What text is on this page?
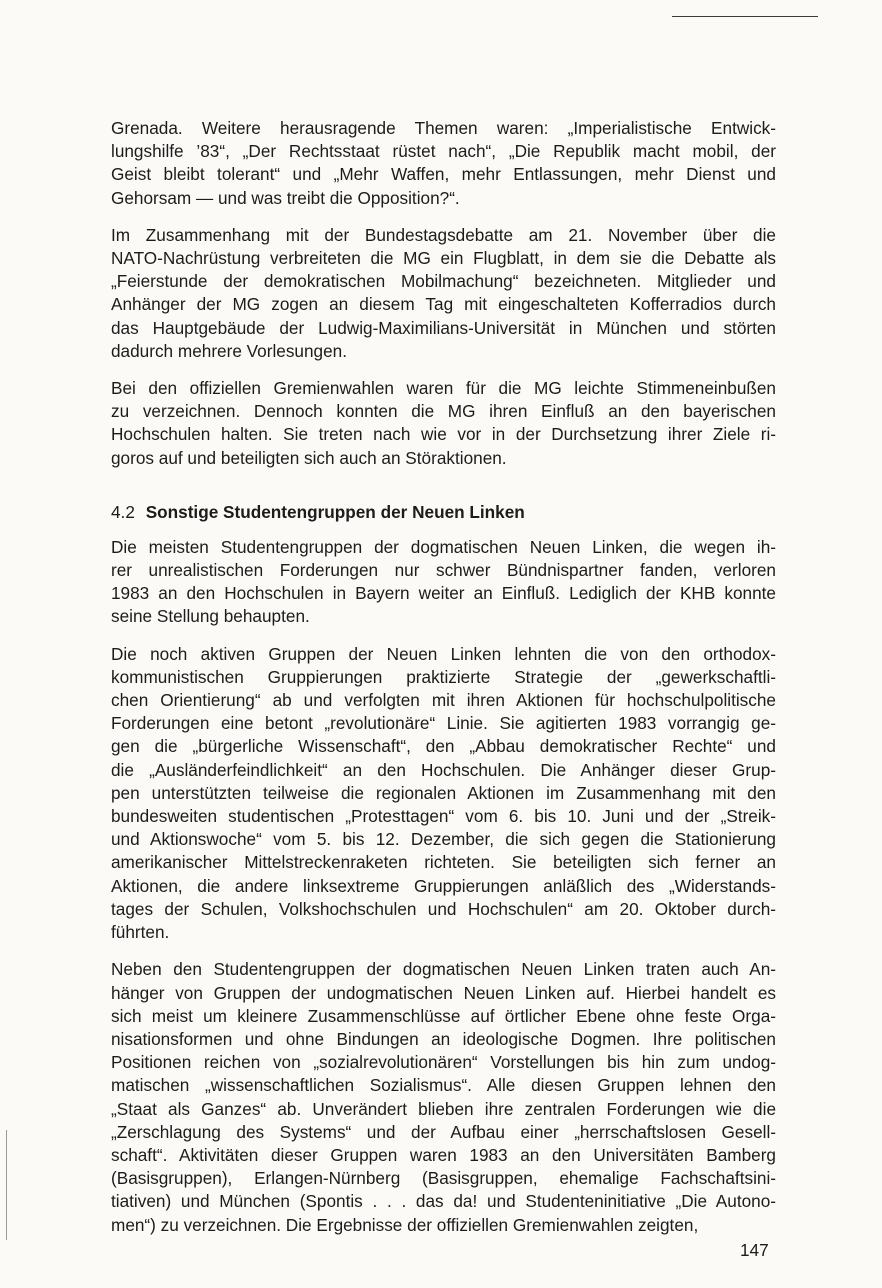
Grenada. Weitere herausragende Themen waren: „Imperialistische Entwick-
lungshilfe ’83“, „Der Rechtsstaat rüstet nach“, „Die Republik macht mobil, der
Geist bleibt tolerant“ und „Mehr Waffen, mehr Entlassungen, mehr Dienst und
Gehorsam — und was treibt die Opposition?“.

Im Zusammenhang mit der Bundestagsdebatte am 21. November über die
NATO-Nachrüstung verbreiteten die MG ein Flugblatt, in dem sie die Debatte als
„Feierstunde der demokratischen Mobilmachung“ bezeichneten. Mitglieder und
Anhänger der MG zogen an diesem Tag mit eingeschalteten Kofferradios durch
das Hauptgebäude der Ludwig-Maximilians-Universität in München und störten
dadurch mehrere Vorlesungen.

Bei den offiziellen Gremienwahlen waren für die MG leichte Stimmeneinbußen
zu verzeichnen. Dennoch konnten die MG ihren Einfluß an den bayerischen
Hochschulen halten. Sie treten nach wie vor in der Durchsetzung ihrer Ziele ri-
goros auf und beteiligten sich auch an Störaktionen.

4.2 Sonstige Studentengruppen der Neuen Linken

Die meisten Studentengruppen der dogmatischen Neuen Linken, die wegen ih-
rer unrealistischen Forderungen nur schwer Bündnispartner fanden, verloren
1983 an den Hochschulen in Bayern weiter an Einfluß. Lediglich der KHB konnte
seine Stellung behaupten.

Die noch aktiven Gruppen der Neuen Linken lehnten die von den orthodox-
kommunistischen Gruppierungen praktizierte Strategie der „gewerkschaftli-
chen Orientierung“ ab und verfolgten mit ihren Aktionen für hochschulpolitische
Forderungen eine betont „revolutionäre“ Linie. Sie agitierten 1983 vorrangig ge-
gen die „bürgerliche Wissenschaft“, den „Abbau demokratischer Rechte“ und
die „Ausländerfeindlichkeit“ an den Hochschulen. Die Anhänger dieser Grup-
pen unterstützten teilweise die regionalen Aktionen im Zusammenhang mit den
bundesweiten studentischen „Protesttagen“ vom 6. bis 10. Juni und der „Streik-
und Aktionswoche“ vom 5. bis 12. Dezember, die sich gegen die Stationierung
amerikanischer Mittelstreckenraketen richteten. Sie beteiligten sich ferner an
Aktionen, die andere linksextreme Gruppierungen anläßlich des „Widerstands-
tages der Schulen, Volkshochschulen und Hochschulen“ am 20. Oktober durch-
führten.

Neben den Studentengruppen der dogmatischen Neuen Linken traten auch An-
hänger von Gruppen der undogmatischen Neuen Linken auf. Hierbei handelt es
sich meist um kleinere Zusammenschlüsse auf örtlicher Ebene ohne feste Orga-
nisationsformen und ohne Bindungen an ideologische Dogmen. Ihre politischen
Positionen reichen von „sozialrevolutionären“ Vorstellungen bis hin zum undog-
matischen „wissenschaftlichen Sozialismus“. Alle diesen Gruppen lehnen den
„Staat als Ganzes“ ab. Unverändert blieben ihre zentralen Forderungen wie die
„Zerschlagung des Systems“ und der Aufbau einer „herrschaftslosen Gesell-
schaft“. Aktivitäten dieser Gruppen waren 1983 an den Universitäten Bamberg
(Basisgruppen), Erlangen-Nürnberg (Basisgruppen, ehemalige Fachschaftsini-
tiativen) und München (Spontis . . . das da! und Studenteninitiative „Die Autono-
men“) zu verzeichnen. Die Ergebnisse der offiziellen Gremienwahlen zeigten,

147
